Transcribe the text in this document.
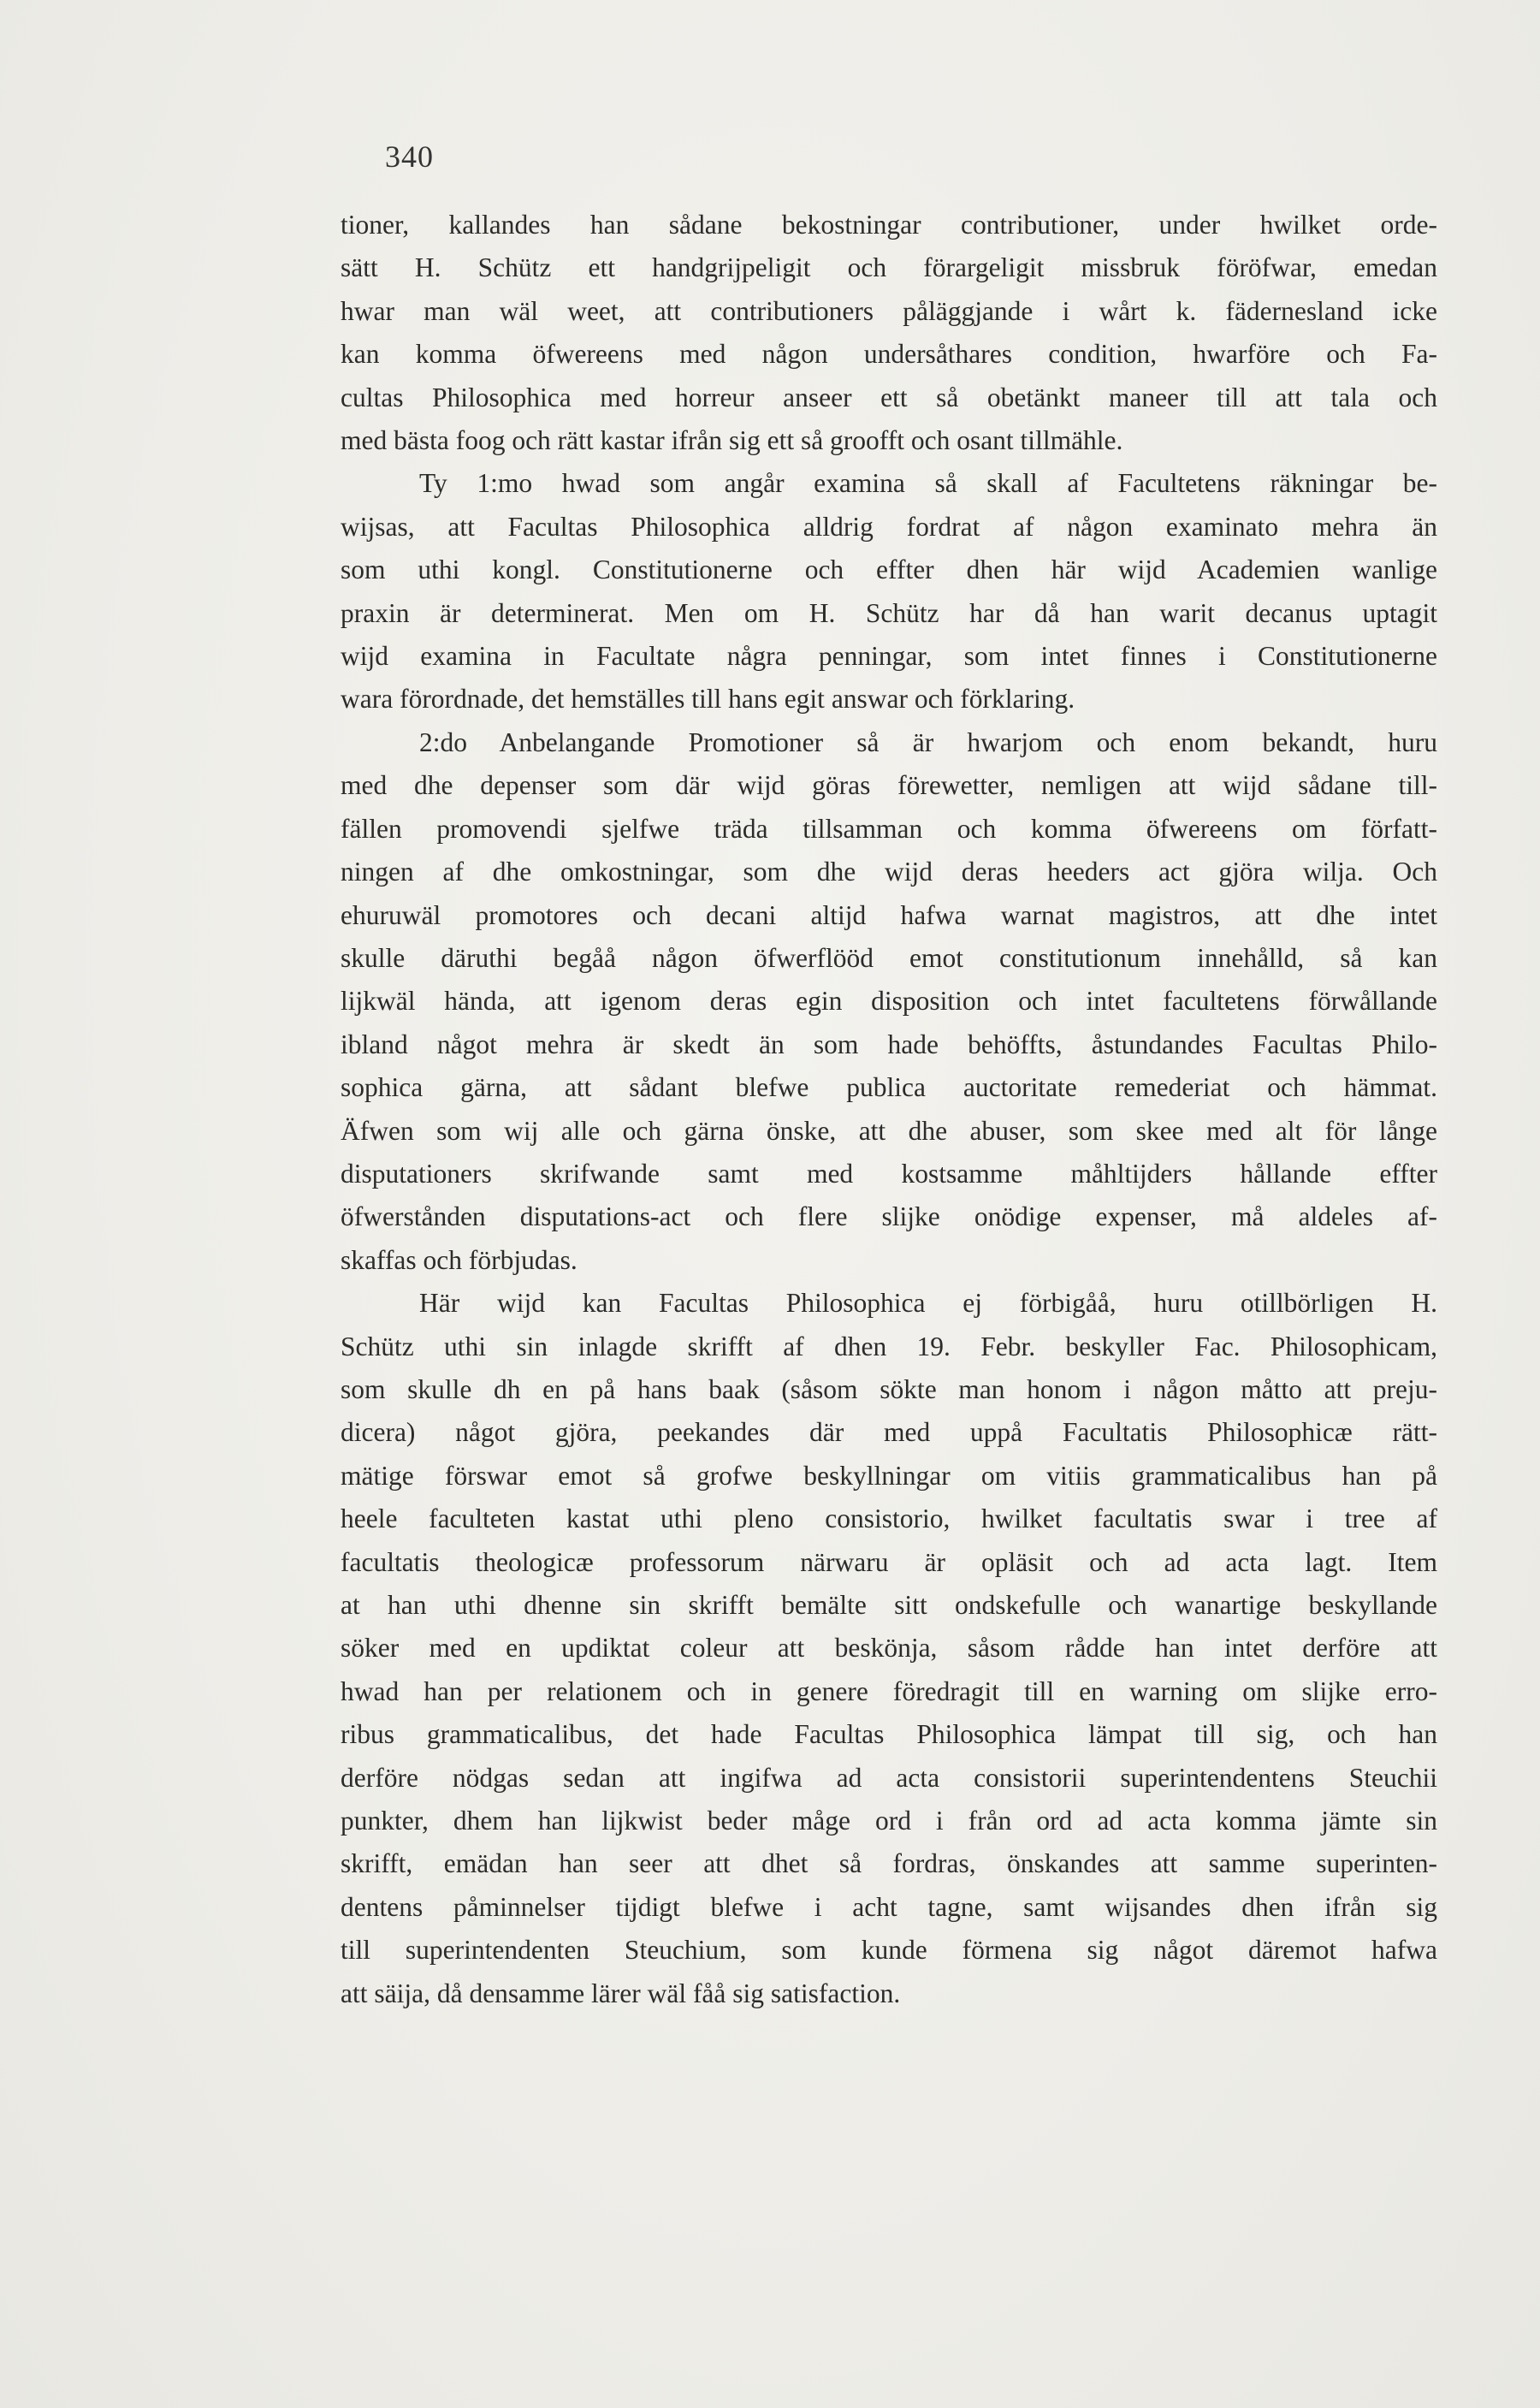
340

tioner, kallandes han sådane bekostningar contributioner, under hwilket orde-

sätt H. Schütz ett handgrijpeligit och förargeligit missbruk föröfwar, emedan

hwar man wäl weet, att contributioners påläggjande i wårt k. fädernesland icke

kan komma öfwereens med någon undersåthares condition, hwarföre och Fa-

cultas Philosophica med horreur anseer ett så obetänkt maneer till att tala och

med bästa foog och rätt kastar ifrån sig ett så groofft och osant tillmähle.

Ty 1:mo hwad som angår examina så skall af Facultetens räkningar be-

wijsas, att Facultas Philosophica alldrig fordrat af någon examinato mehra än

som uthi kongl. Constitutionerne och effter dhen här wijd Academien wanlige

praxin är determinerat. Men om H. Schütz har då han warit decanus uptagit

wijd examina in Facultate några penningar, som intet finnes i Constitutionerne

wara förordnade, det hemställes till hans egit answar och förklaring.

2:do Anbelangande Promotioner så är hwarjom och enom bekandt, huru

med dhe depenser som där wijd göras förewetter, nemligen att wijd sådane till-

fällen promovendi sjelfwe träda tillsamman och komma öfwereens om författ-

ningen af dhe omkostningar, som dhe wijd deras heeders act gjöra wilja. Och

ehuruwäl promotores och decani altijd hafwa warnat magistros, att dhe intet

skulle däruthi begåå någon öfwerflööd emot constitutionum innehålld, så kan

lijkwäl hända, att igenom deras egin disposition och intet facultetens förwållande

ibland något mehra är skedt än som hade behöffts, åstundandes Facultas Philo-

sophica gärna, att sådant blefwe publica auctoritate remederiat och hämmat.

Äfwen som wij alle och gärna önske, att dhe abuser, som skee med alt för långe

disputationers skrifwande samt med kostsamme måhltijders hållande effter

öfwerstånden disputations-act och flere slijke onödige expenser, må aldeles af-

skaffas och förbjudas.

Här wijd kan Facultas Philosophica ej förbigåå, huru otillbörligen H.

Schütz uthi sin inlagde skrifft af dhen 19. Febr. beskyller Fac. Philosophicam,

som skulle dh en på hans baak (såsom sökte man honom i någon måtto att preju-

dicera) något gjöra, peekandes där med uppå Facultatis Philosophicæ rätt-

mätige förswar emot så grofwe beskyllningar om vitiis grammaticalibus han på

heele faculteten kastat uthi pleno consistorio, hwilket facultatis swar i tree af

facultatis theologicæ professorum närwaru är opläsit och ad acta lagt. Item

at han uthi dhenne sin skrifft bemälte sitt ondskefulle och wanartige beskyllande

söker med en updiktat coleur att beskönja, såsom rådde han intet derföre att

hwad han per relationem och in genere föredragit till en warning om slijke erro-

ribus grammaticalibus, det hade Facultas Philosophica lämpat till sig, och han

derföre nödgas sedan att ingifwa ad acta consistorii superintendentens Steuchii

punkter, dhem han lijkwist beder måge ord i från ord ad acta komma jämte sin

skrifft, emädan han seer att dhet så fordras, önskandes att samme superinten-

dentens påminnelser tijdigt blefwe i acht tagne, samt wijsandes dhen ifrån sig

till superintendenten Steuchium, som kunde förmena sig något däremot hafwa

att säija, då densamme lärer wäl fåå sig satisfaction.
